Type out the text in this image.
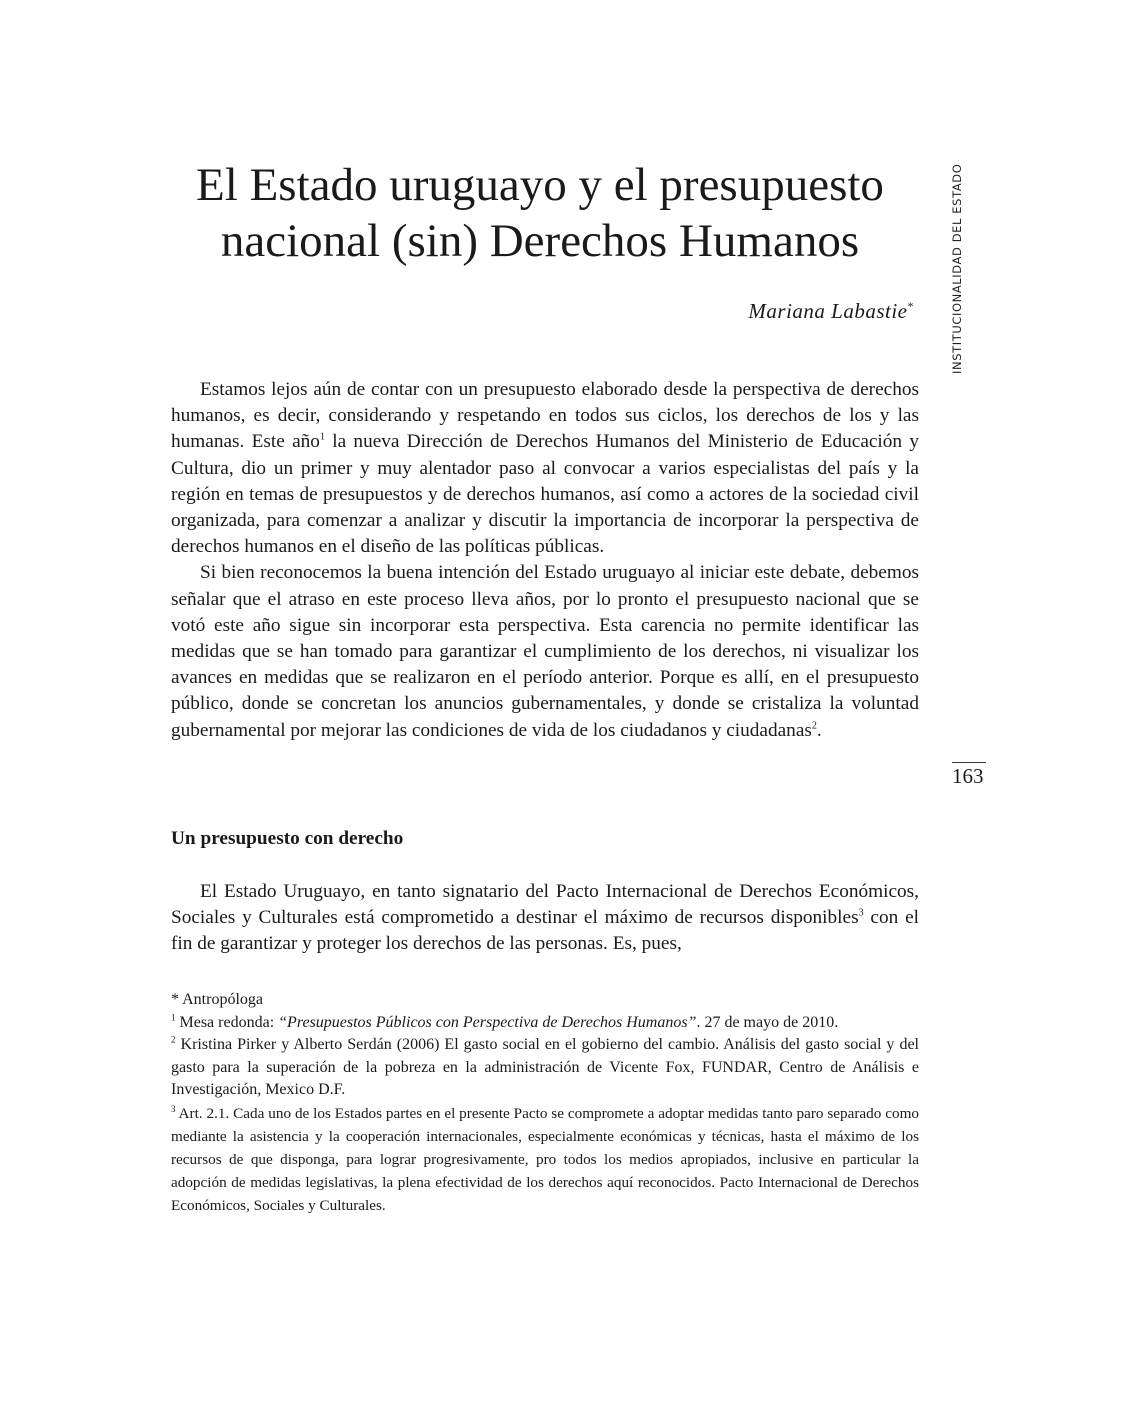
El Estado uruguayo y el presupuesto
nacional (sin) Derechos Humanos
Mariana Labastie*	INSTITUCIONALIDAD DEL ESTADO
163

Estamos lejos aún de contar con un presupuesto elaborado desde la perspectiva de derechos humanos, es decir, considerando y respetando en todos sus ciclos, los derechos de los y las humanas. Este año$^1$ la nueva Dirección de Derechos Humanos del Ministerio de Educación y Cultura, dio un primer y muy alentador paso al convocar a varios especialistas del país y la región en temas de presupuestos y de derechos humanos, así como a actores de la sociedad civil organizada, para comenzar a analizar y discutir la importancia de incorporar la perspectiva de derechos humanos en el diseño de las políticas públicas.

Si bien reconocemos la buena intención del Estado uruguayo al iniciar este debate, debemos señalar que el atraso en este proceso lleva años, por lo pronto el presupuesto nacional que se votó este año sigue sin incorporar esta perspectiva. Esta carencia no permite identificar las medidas que se han tomado para garantizar el cumplimiento de los derechos, ni visualizar los avances en medidas que se realizaron en el período anterior. Porque es allí, en el presupuesto público, donde se concretan los anuncios gubernamentales, y donde se cristaliza la voluntad gubernamental por mejorar las condiciones de vida de los ciudadanos y ciudadanas$^2$.

Un presupuesto con derecho

El Estado Uruguayo, en tanto signatario del Pacto Internacional de Derechos Económicos, Sociales y Culturales está comprometido a destinar el máximo de recursos disponibles$^3$ con el fin de garantizar y proteger los derechos de las personas. Es, pues,

* Antropóloga

$^1$ Mesa redonda: “Presupuestos Públicos con Perspectiva de Derechos Humanos”. 27 de mayo de 2010.

$^2$ Kristina Pirker y Alberto Serdán (2006) El gasto social en el gobierno del cambio. Análisis del gasto social y del gasto para la superación de la pobreza en la administración de Vicente Fox, FUNDAR, Centro de Análisis e Investigación, Mexico D.F.

$^3$ Art. 2.1. Cada uno de los Estados partes en el presente Pacto se compromete a adoptar medidas tanto paro separado como mediante la asistencia y la cooperación internacionales, especialmente económicas y técnicas, hasta el máximo de los recursos de que disponga, para lograr progresivamente, pro todos los medios apropiados, inclusive en particular la adopción de medidas legislativas, la plena efectividad de los derechos aquí reconocidos. Pacto Internacional de Derechos Económicos, Sociales y Culturales.
